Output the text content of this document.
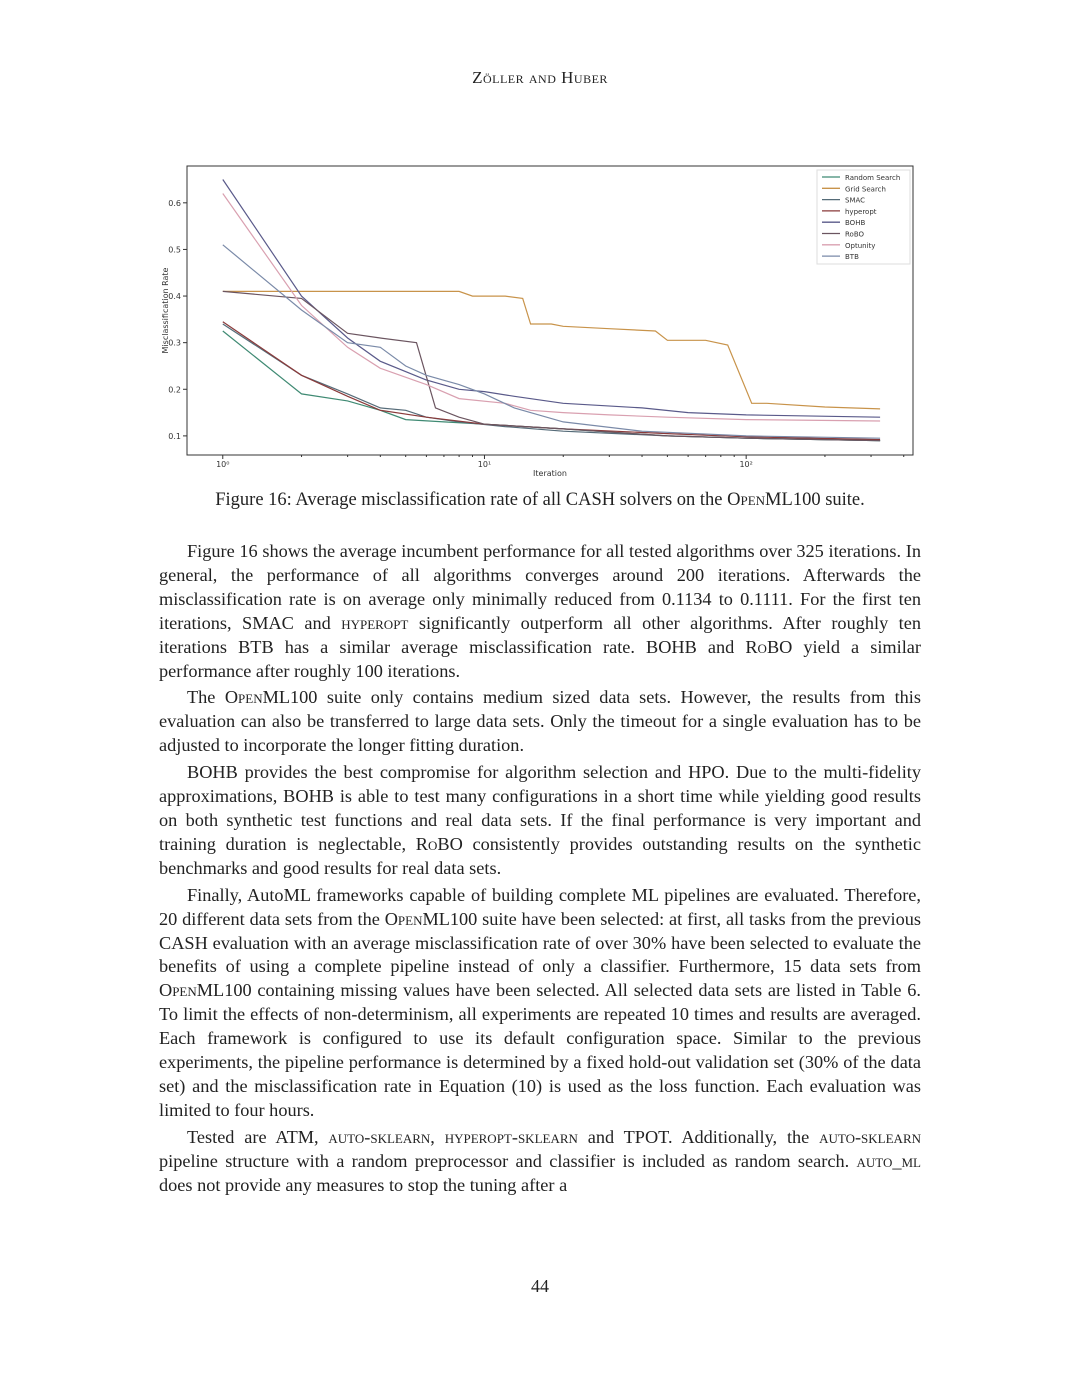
Zöller and Huber
0.1
0.2
0.3
0.4
0.5
0.6
10⁰	10¹	10²
Iteration
Misclassification Rate
Random Search
Grid Search
SMAC
hyperopt
BOHB
RoBO
Optunity
BTB
Figure 16: Average misclassification rate of all CASH solvers on the OpenML100 suite.

Figure 16 shows the average incumbent performance for all tested algorithms over 325 iterations. In general, the performance of all algorithms converges around 200 iterations. Afterwards the misclassification rate is on average only minimally reduced from 0.1134 to 0.1111. For the first ten iterations, SMAC and hyperopt significantly outperform all other algorithms. After roughly ten iterations BTB has a similar average misclassification rate. BOHB and RoBO yield a similar performance after roughly 100 iterations.

The OpenML100 suite only contains medium sized data sets. However, the results from this evaluation can also be transferred to large data sets. Only the timeout for a single evaluation has to be adjusted to incorporate the longer fitting duration.

BOHB provides the best compromise for algorithm selection and HPO. Due to the multi-fidelity approximations, BOHB is able to test many configurations in a short time while yielding good results on both synthetic test functions and real data sets. If the final performance is very important and training duration is neglectable, RoBO consistently provides outstanding results on the synthetic benchmarks and good results for real data sets.

Finally, AutoML frameworks capable of building complete ML pipelines are evaluated. Therefore, 20 different data sets from the OpenML100 suite have been selected: at first, all tasks from the previous CASH evaluation with an average misclassification rate of over 30% have been selected to evaluate the benefits of using a complete pipeline instead of only a classifier. Furthermore, 15 data sets from OpenML100 containing missing values have been selected. All selected data sets are listed in Table 6. To limit the effects of non-determinism, all experiments are repeated 10 times and results are averaged. Each framework is configured to use its default configuration space. Similar to the previous experiments, the pipeline performance is determined by a fixed hold-out validation set (30% of the data set) and the misclassification rate in Equation (10) is used as the loss function. Each evaluation was limited to four hours.

Tested are ATM, auto-sklearn, hyperopt-sklearn and TPOT. Additionally, the auto-sklearn pipeline structure with a random preprocessor and classifier is included as random search. auto_ml does not provide any measures to stop the tuning after a

44
